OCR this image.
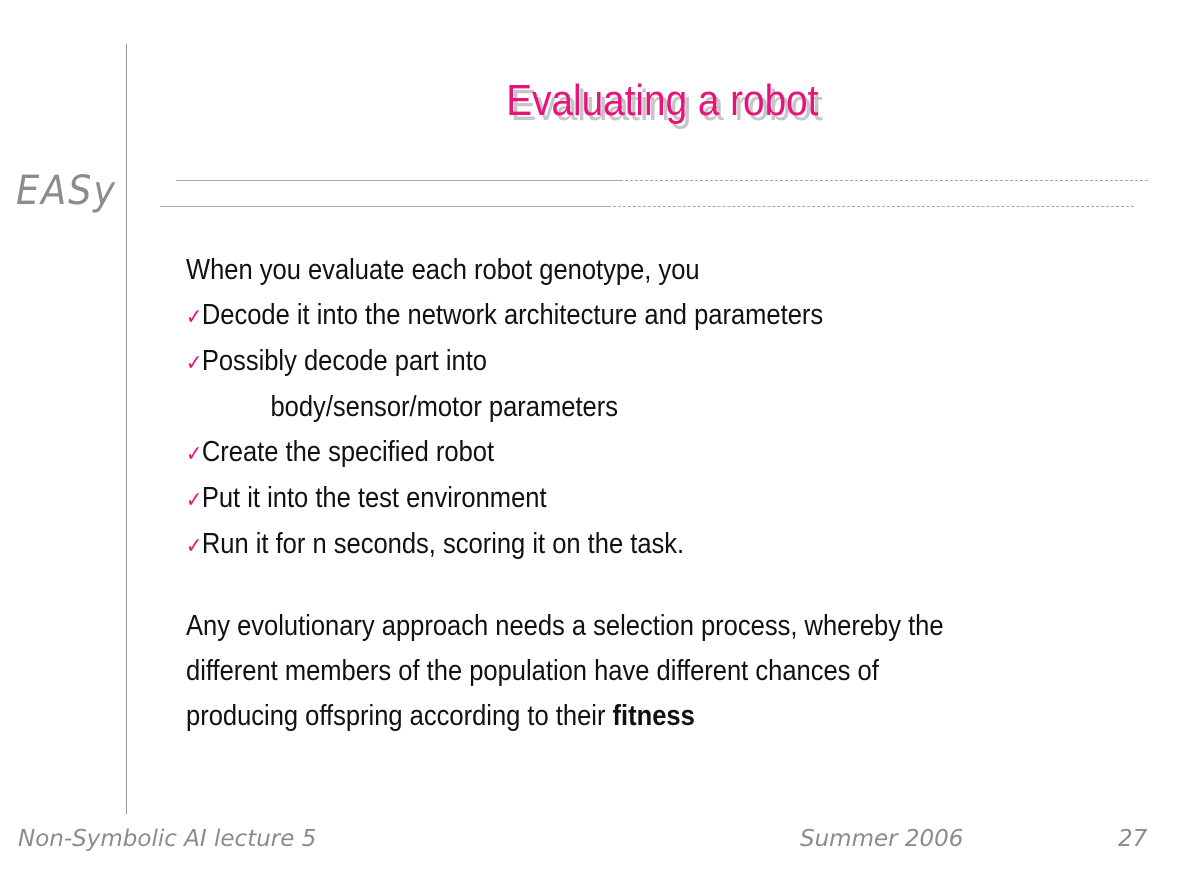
EASy
Evaluating a robot

When you evaluate each robot genotype, you

✓Decode it into the network architecture and parameters

✓Possibly decode part into

body/sensor/motor parameters

✓Create the specified robot

✓Put it into the test environment

✓Run it for n seconds, scoring it on the task.

Any evolutionary approach needs a selection process, whereby the

different members of the population have different chances of

producing offspring according to their fitness

Non-Symbolic AI lecture 5	Summer 2006	27
